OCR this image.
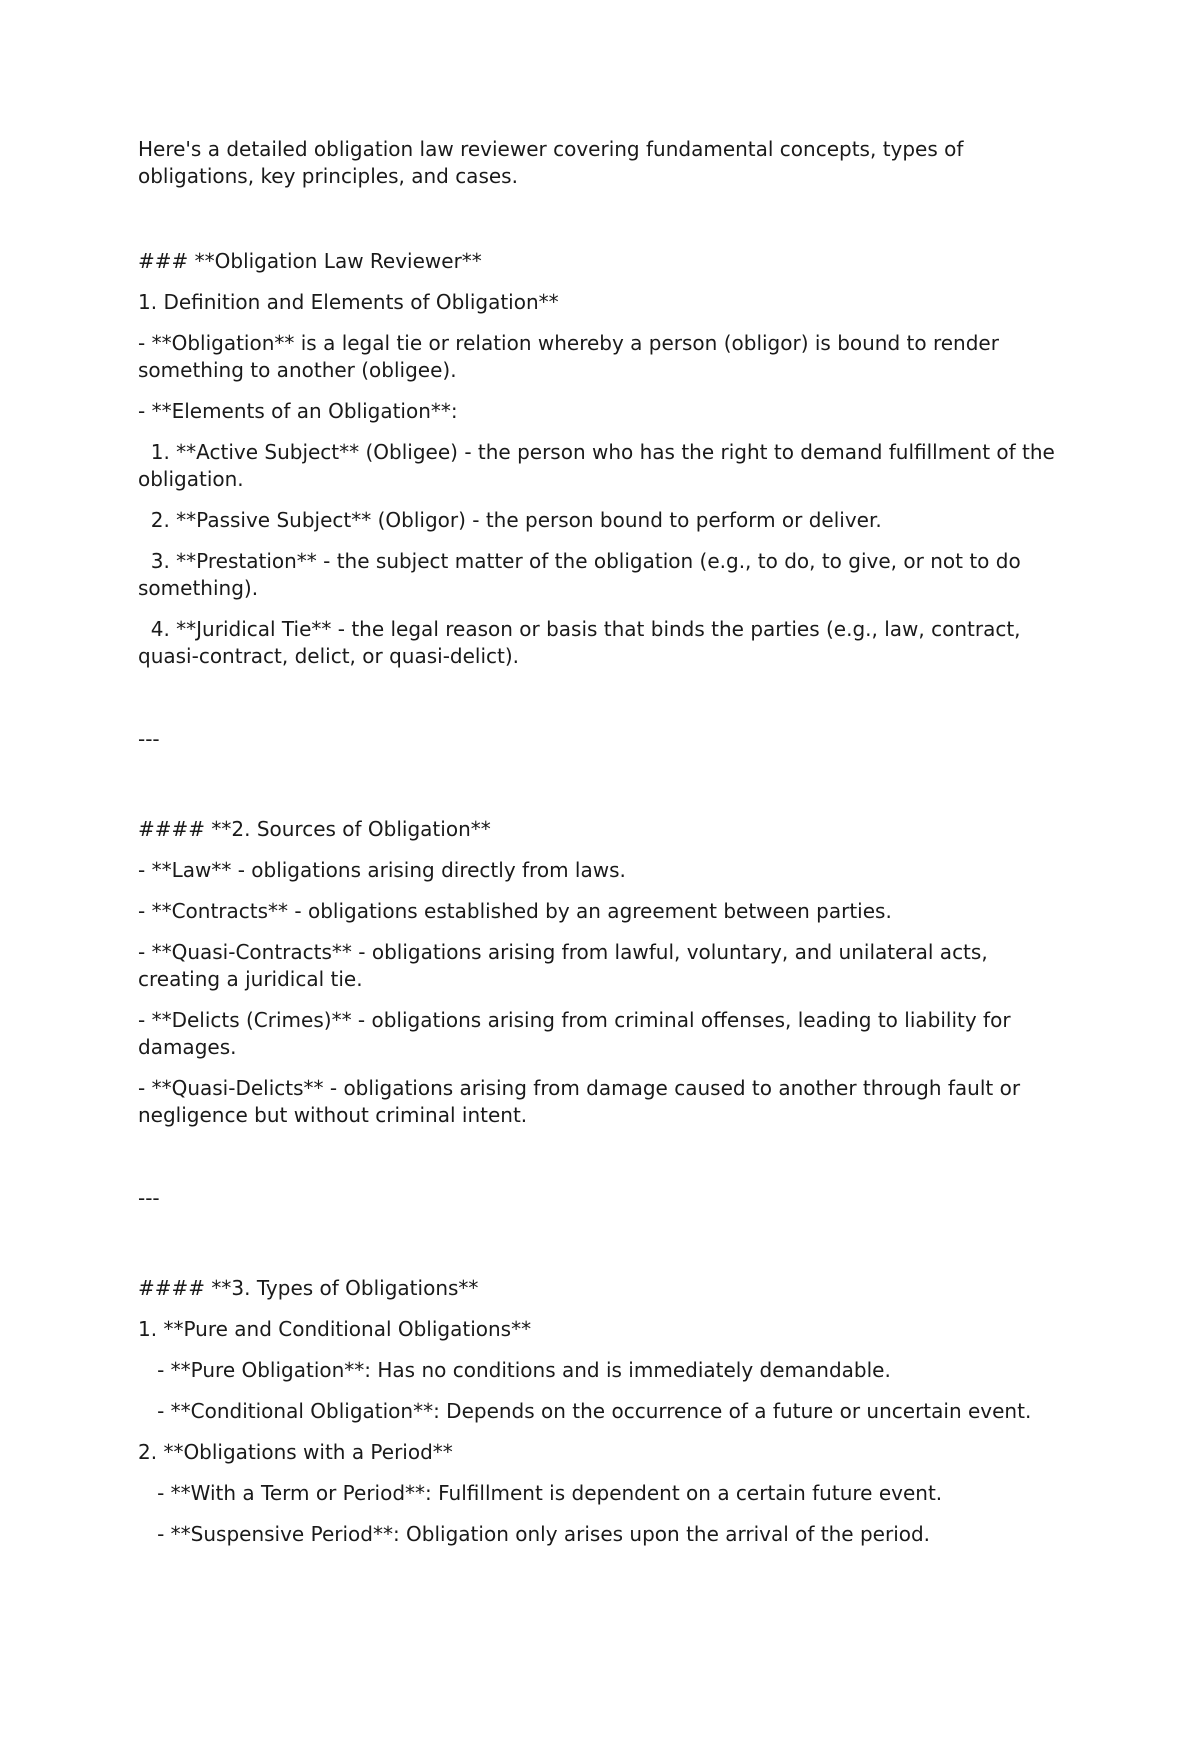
Here's a detailed obligation law reviewer covering fundamental concepts, types of obligations, key principles, and cases.

### **Obligation Law Reviewer**

1. Definition and Elements of Obligation**

- **Obligation** is a legal tie or relation whereby a person (obligor) is bound to render something to another (obligee).

- **Elements of an Obligation**:

1. **Active Subject** (Obligee) - the person who has the right to demand fulfillment of the obligation.

2. **Passive Subject** (Obligor) - the person bound to perform or deliver.

3. **Prestation** - the subject matter of the obligation (e.g., to do, to give, or not to do something).

4. **Juridical Tie** - the legal reason or basis that binds the parties (e.g., law, contract, quasi-contract, delict, or quasi-delict).

---

#### **2. Sources of Obligation**

- **Law** - obligations arising directly from laws.

- **Contracts** - obligations established by an agreement between parties.

- **Quasi-Contracts** - obligations arising from lawful, voluntary, and unilateral acts, creating a juridical tie.

- **Delicts (Crimes)** - obligations arising from criminal offenses, leading to liability for damages.

- **Quasi-Delicts** - obligations arising from damage caused to another through fault or negligence but without criminal intent.

---

#### **3. Types of Obligations**

1. **Pure and Conditional Obligations**

- **Pure Obligation**: Has no conditions and is immediately demandable.

- **Conditional Obligation**: Depends on the occurrence of a future or uncertain event.

2. **Obligations with a Period**

- **With a Term or Period**: Fulfillment is dependent on a certain future event.

- **Suspensive Period**: Obligation only arises upon the arrival of the period.
